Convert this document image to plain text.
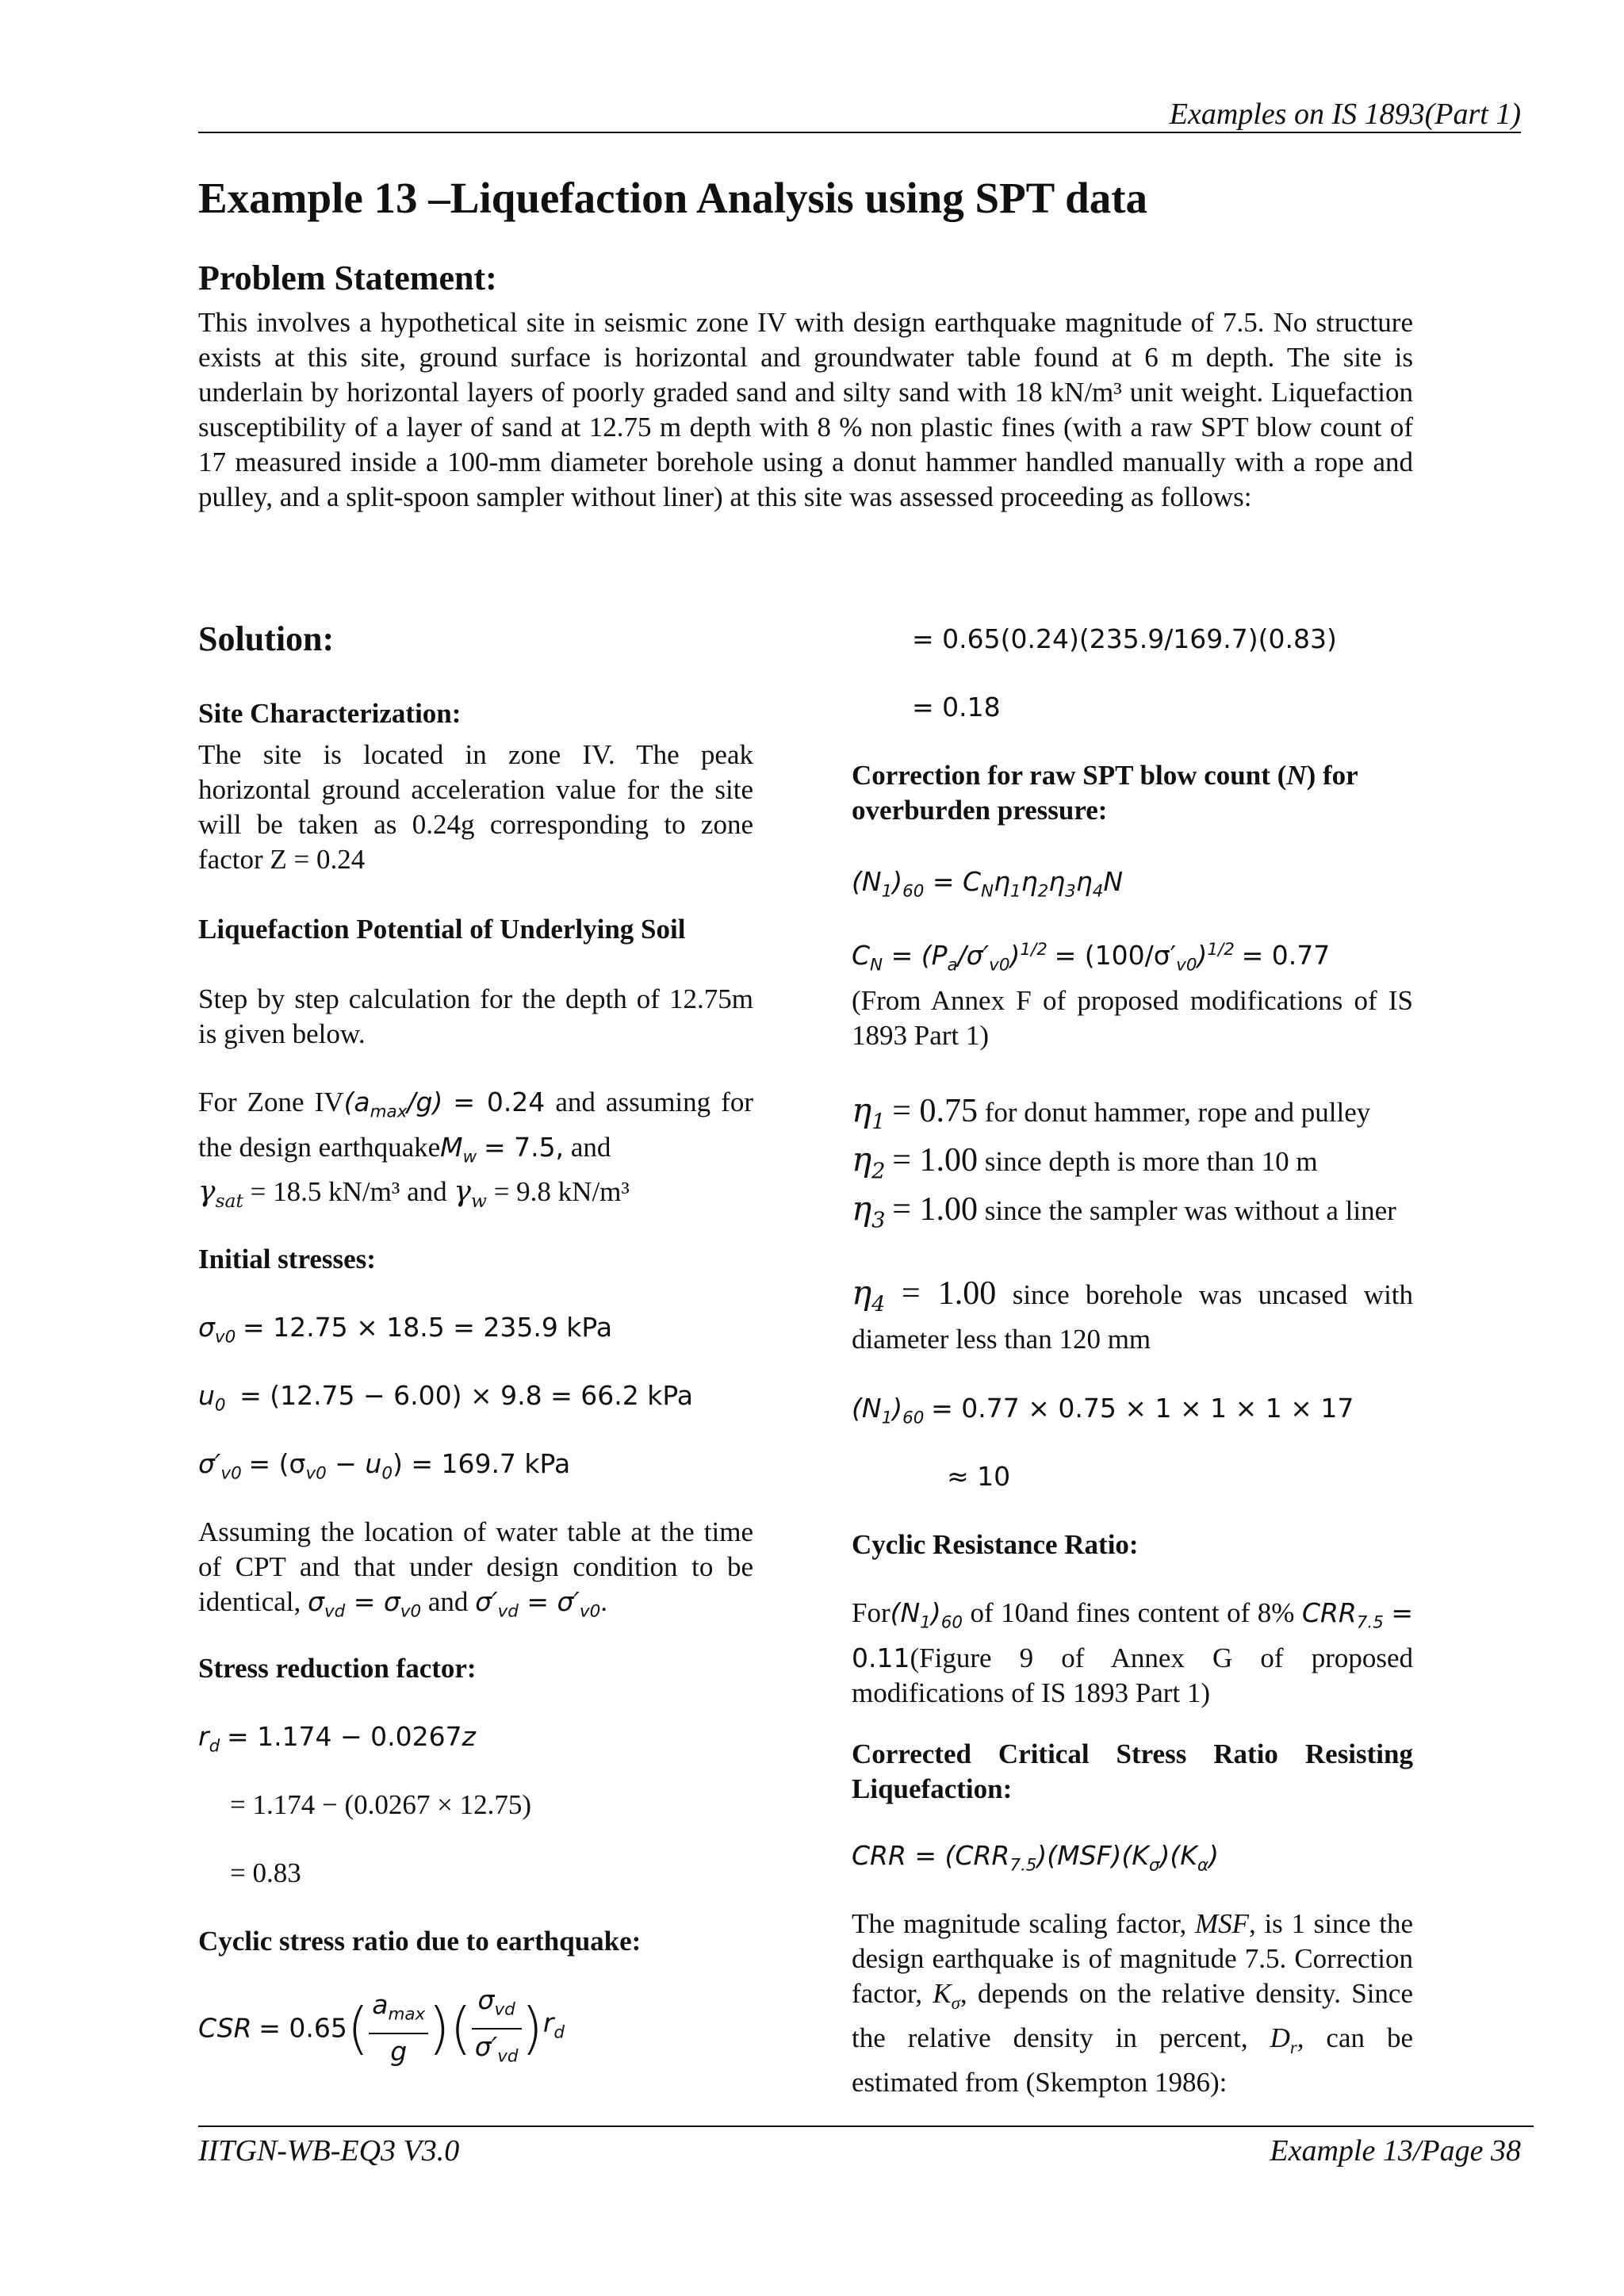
Examples on IS 1893(Part 1)
Example 13 –Liquefaction Analysis using SPT data
Problem Statement:
This involves a hypothetical site in seismic zone IV with design earthquake magnitude of 7.5. No structure exists at this site, ground surface is horizontal and groundwater table found at 6 m depth. The site is underlain by horizontal layers of poorly graded sand and silty sand with 18 kN/m³ unit weight. Liquefaction susceptibility of a layer of sand at 12.75 m depth with 8 % non plastic fines (with a raw SPT blow count of 17 measured inside a 100-mm diameter borehole using a donut hammer handled manually with a rope and pulley, and a split-spoon sampler without liner) at this site was assessed proceeding as follows:
Solution:
Site Characterization:
The site is located in zone IV. The peak horizontal ground acceleration value for the site will be taken as 0.24g corresponding to zone factor Z = 0.24
Liquefaction Potential of Underlying Soil
Step by step calculation for the depth of 12.75m is given below.
For Zone $IV(a_{max}/g) = 0.24$ and assuming for the design earthquakeM$_w$ = 7.5, and
$\gamma_{sat} = 18.5$ kN/m³ and $\gamma_w = 9.8$ kN/m³
Initial stresses:
$\sigma_{v0} = 12.75 \times 18.5 = 235.9$ kPa
$u_0 = (12.75 - 6.00) \times 9.8 = 66.2$ kPa
$\sigma'_{v0} = (\sigma_{v0} - u_0) = 169.7$ kPa
Assuming the location of water table at the time of CPT and that under design condition to be identical, $\sigma_{vd} = \sigma_{v0}$ and $\sigma'_{vd} = \sigma'_{v0}$.
Stress reduction factor:
$r_d = 1.174 - 0.0267z$
= 1.174 − (0.0267 × 12.75)
= 0.83
Cyclic stress ratio due to earthquake:
CSR = $0.65( \frac{a_{max}}{g}$ )( $\frac{\sigma_{vd}}{\sigma'_{vd}} )r_d$
= 0.65(0.24)(235.9/169.7)(0.83)
= 0.18
Correction for raw SPT blow count (N) for overburden pressure:
$(N_1)_{60} = C_N\eta_1\eta_2\eta_3\eta_4N$
$C_N = (P_a/\sigma'_{v0})^{1/2} = (100/\sigma'_{v0})^{1/2} = 0.77$
(From Annex F of proposed modifications of IS 1893 Part 1)
$\eta_1 = 0.75$ for donut hammer, rope and pulley
$\eta_2 = 1.00$ since depth is more than 10 m
$\eta_3 = 1.00$ since the sampler was without a liner
$\eta_4 = 1.00$ since borehole was uncased with diameter less than 120 mm
$(N_1)_{60} = 0.77 \times 0.75 \times 1 \times 1 \times 1 \times 17$
≈ 10
Cyclic Resistance Ratio:
$For(N_1)_{60}$ of 10and fines content of 8% $CRR_{7.5}$ = 0.11(Figure 9 of Annex G of proposed modifications of IS 1893 Part 1)
Corrected Critical Stress Ratio Resisting Liquefaction:
CRR = $(CRR_{7.5})(MSF)(K_\sigma)(K_\alpha)$
The magnitude scaling factor, MSF, is 1 since the design earthquake is of magnitude 7.5. Correction factor, $K_\sigma$, depends on the relative density. Since the relative density in percent, $D_r$, can be estimated from (Skempton 1986):
IITGN-WB-EQ3 V3.0	Example 13/Page 38
